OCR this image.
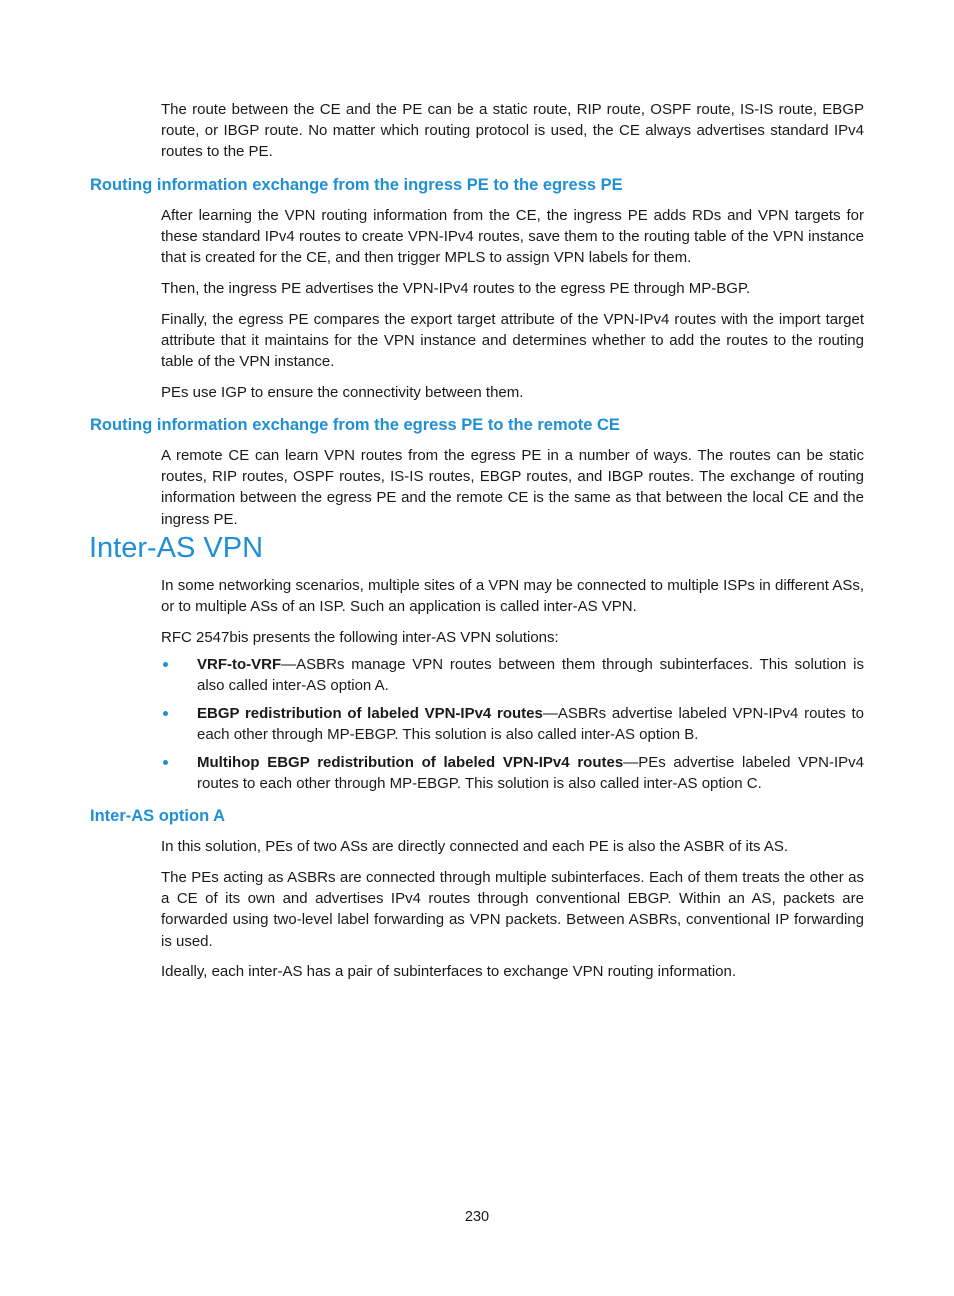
The route between the CE and the PE can be a static route, RIP route, OSPF route, IS-IS route, EBGP route, or IBGP route. No matter which routing protocol is used, the CE always advertises standard IPv4 routes to the PE.

Routing information exchange from the ingress PE to the egress PE

After learning the VPN routing information from the CE, the ingress PE adds RDs and VPN targets for these standard IPv4 routes to create VPN-IPv4 routes, save them to the routing table of the VPN instance that is created for the CE, and then trigger MPLS to assign VPN labels for them.

Then, the ingress PE advertises the VPN-IPv4 routes to the egress PE through MP-BGP.

Finally, the egress PE compares the export target attribute of the VPN-IPv4 routes with the import target attribute that it maintains for the VPN instance and determines whether to add the routes to the routing table of the VPN instance.

PEs use IGP to ensure the connectivity between them.

Routing information exchange from the egress PE to the remote CE

A remote CE can learn VPN routes from the egress PE in a number of ways. The routes can be static routes, RIP routes, OSPF routes, IS-IS routes, EBGP routes, and IBGP routes. The exchange of routing information between the egress PE and the remote CE is the same as that between the local CE and the ingress PE.

Inter-AS VPN

In some networking scenarios, multiple sites of a VPN may be connected to multiple ISPs in different ASs, or to multiple ASs of an ISP. Such an application is called inter-AS VPN.

RFC 2547bis presents the following inter-AS VPN solutions:

VRF-to-VRF—ASBRs manage VPN routes between them through subinterfaces. This solution is also called inter-AS option A.

EBGP redistribution of labeled VPN-IPv4 routes—ASBRs advertise labeled VPN-IPv4 routes to each other through MP-EBGP. This solution is also called inter-AS option B.

Multihop EBGP redistribution of labeled VPN-IPv4 routes—PEs advertise labeled VPN-IPv4 routes to each other through MP-EBGP. This solution is also called inter-AS option C.

Inter-AS option A

In this solution, PEs of two ASs are directly connected and each PE is also the ASBR of its AS.

The PEs acting as ASBRs are connected through multiple subinterfaces. Each of them treats the other as a CE of its own and advertises IPv4 routes through conventional EBGP. Within an AS, packets are forwarded using two-level label forwarding as VPN packets. Between ASBRs, conventional IP forwarding is used.

Ideally, each inter-AS has a pair of subinterfaces to exchange VPN routing information.

230
